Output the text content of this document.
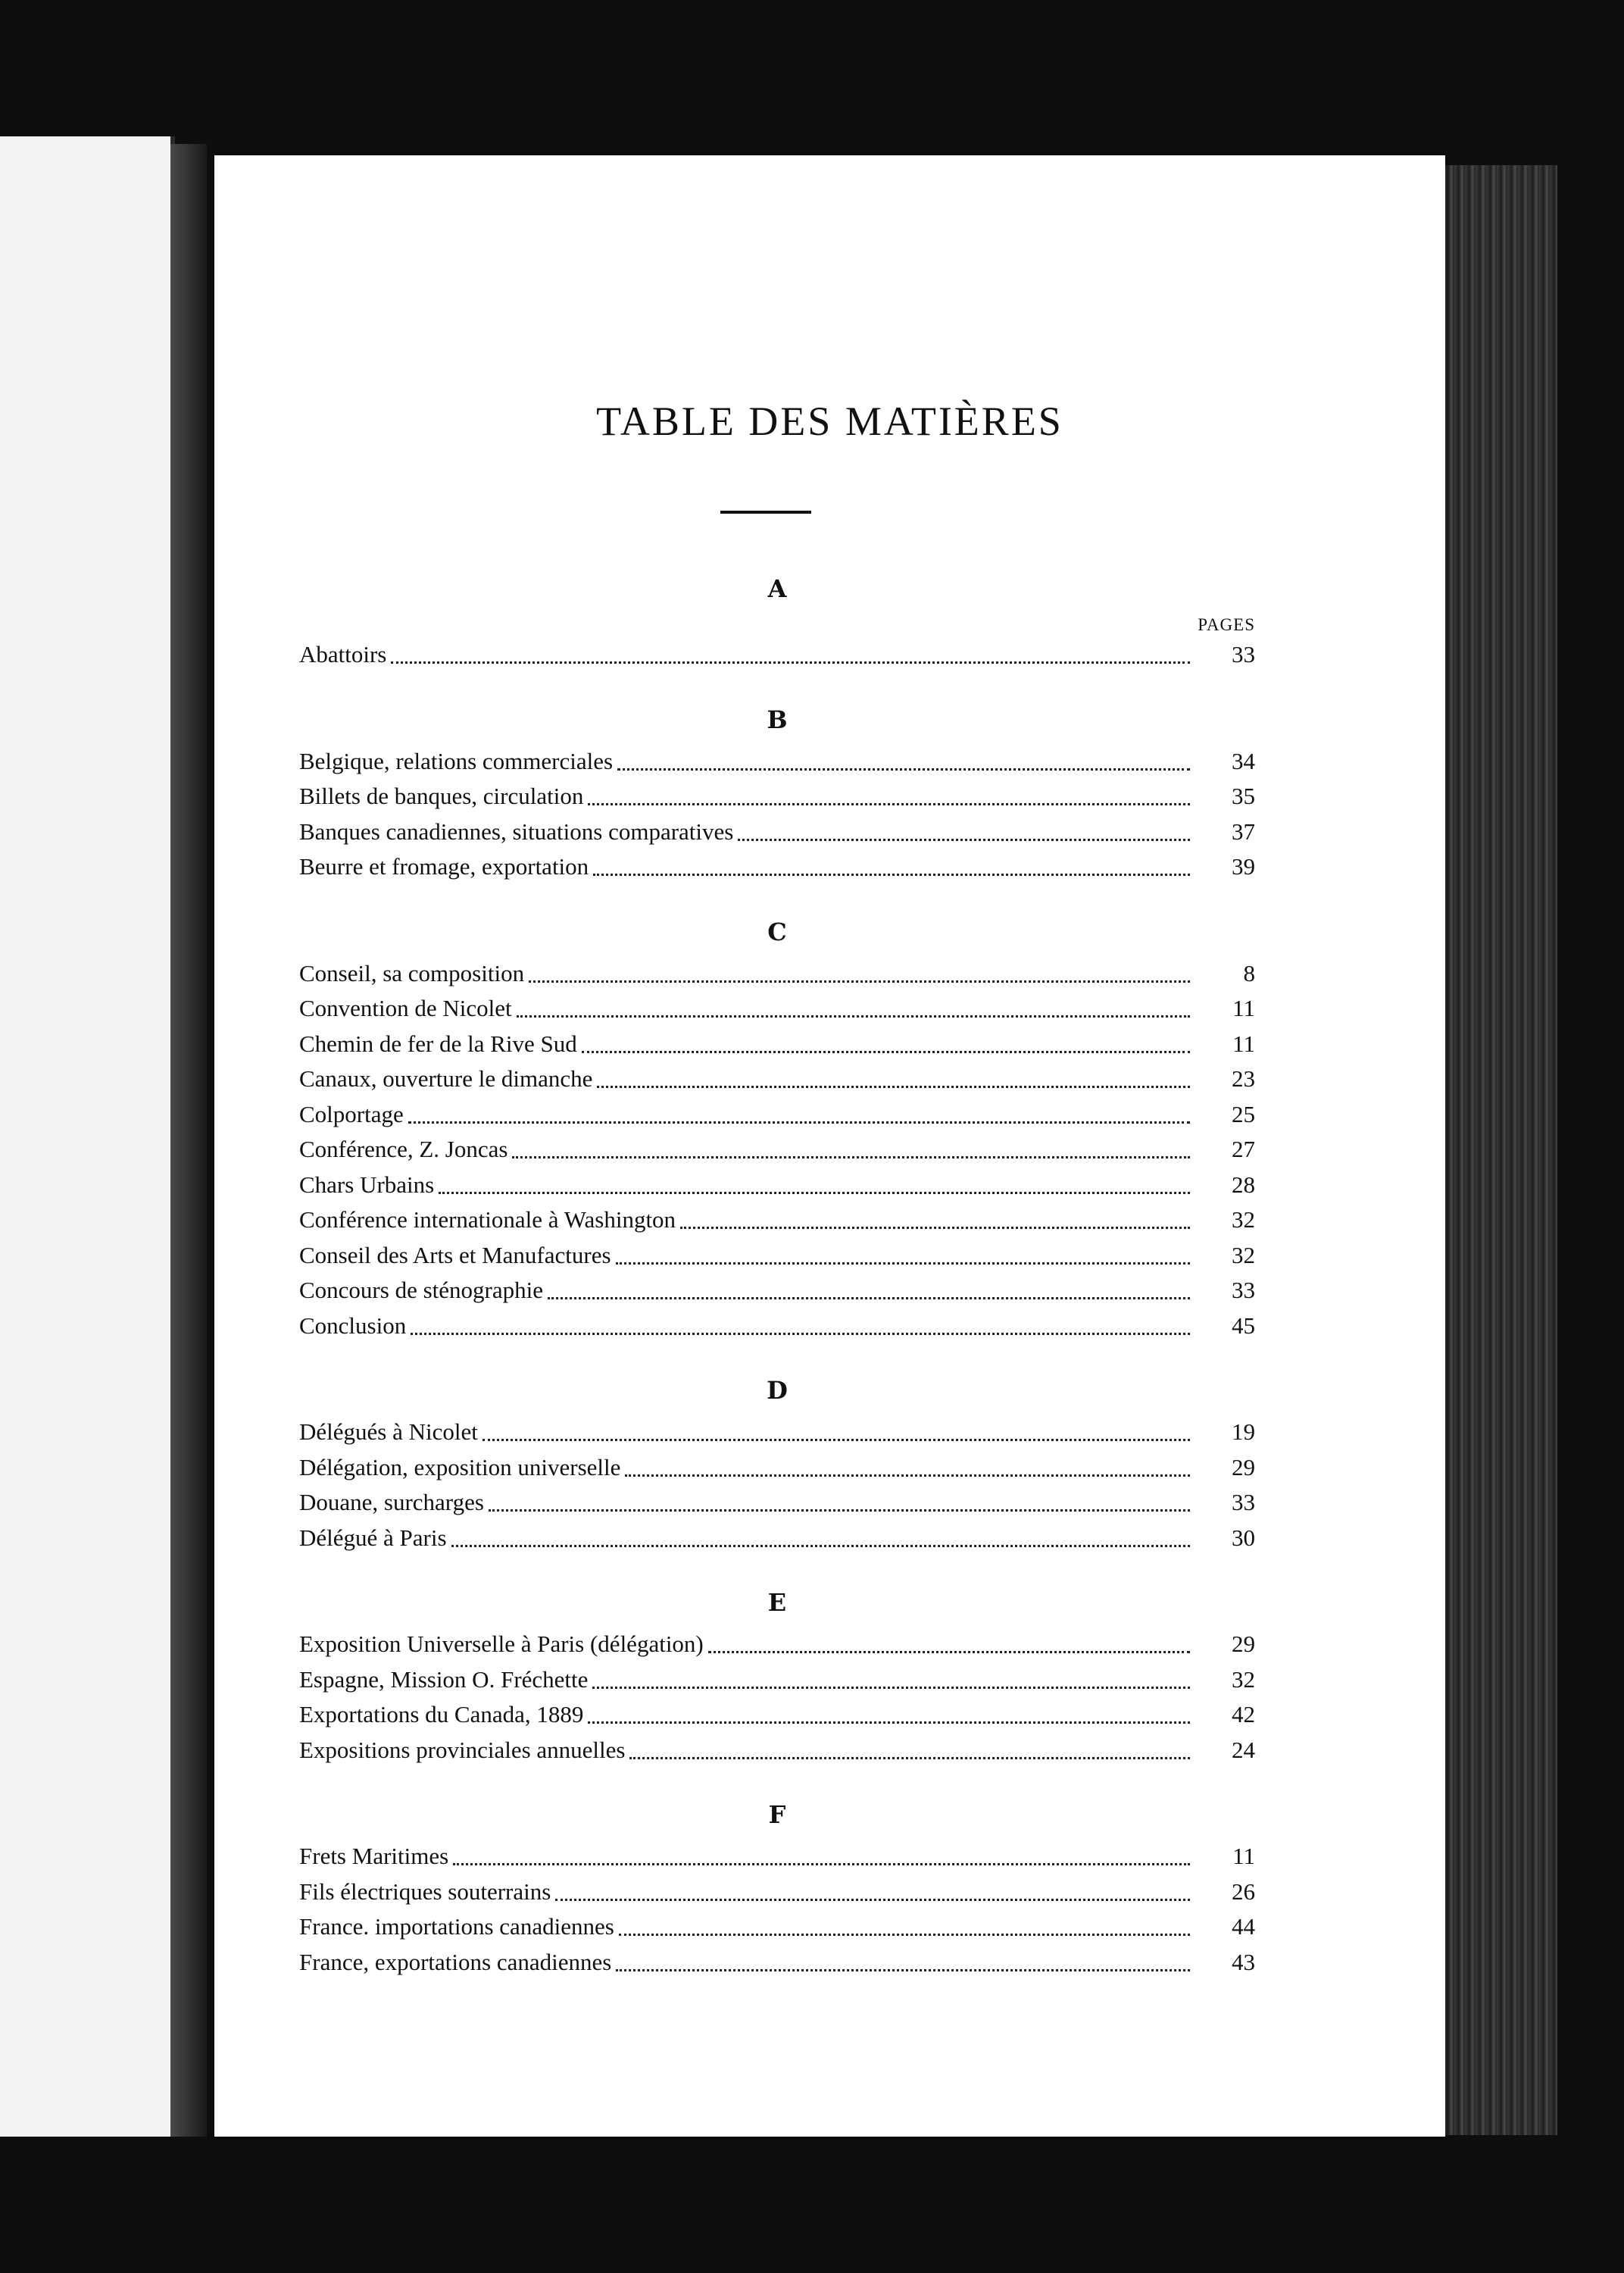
TABLE DES MATIÈRES
A
PAGES
Abattoirs	33
B
Belgique, relations commerciales	34
Billets de banques, circulation	35
Banques canadiennes, situations comparatives	37
Beurre et fromage, exportation	39
C
Conseil, sa composition	8
Convention de Nicolet	11
Chemin de fer de la Rive Sud	11
Canaux, ouverture le dimanche	23
Colportage	25
Conférence, Z. Joncas	27
Chars Urbains	28
Conférence internationale à Washington	32
Conseil des Arts et Manufactures	32
Concours de sténographie	33
Conclusion	45
D
Délégués à Nicolet	19
Délégation, exposition universelle	29
Douane, surcharges	33
Délégué à Paris	30
E
Exposition Universelle à Paris (délégation)	29
Espagne, Mission O. Fréchette	32
Exportations du Canada, 1889	42
Expositions provinciales annuelles	24
F
Frets Maritimes	11
Fils électriques souterrains	26
France. importations canadiennes	44
France, exportations canadiennes	43
